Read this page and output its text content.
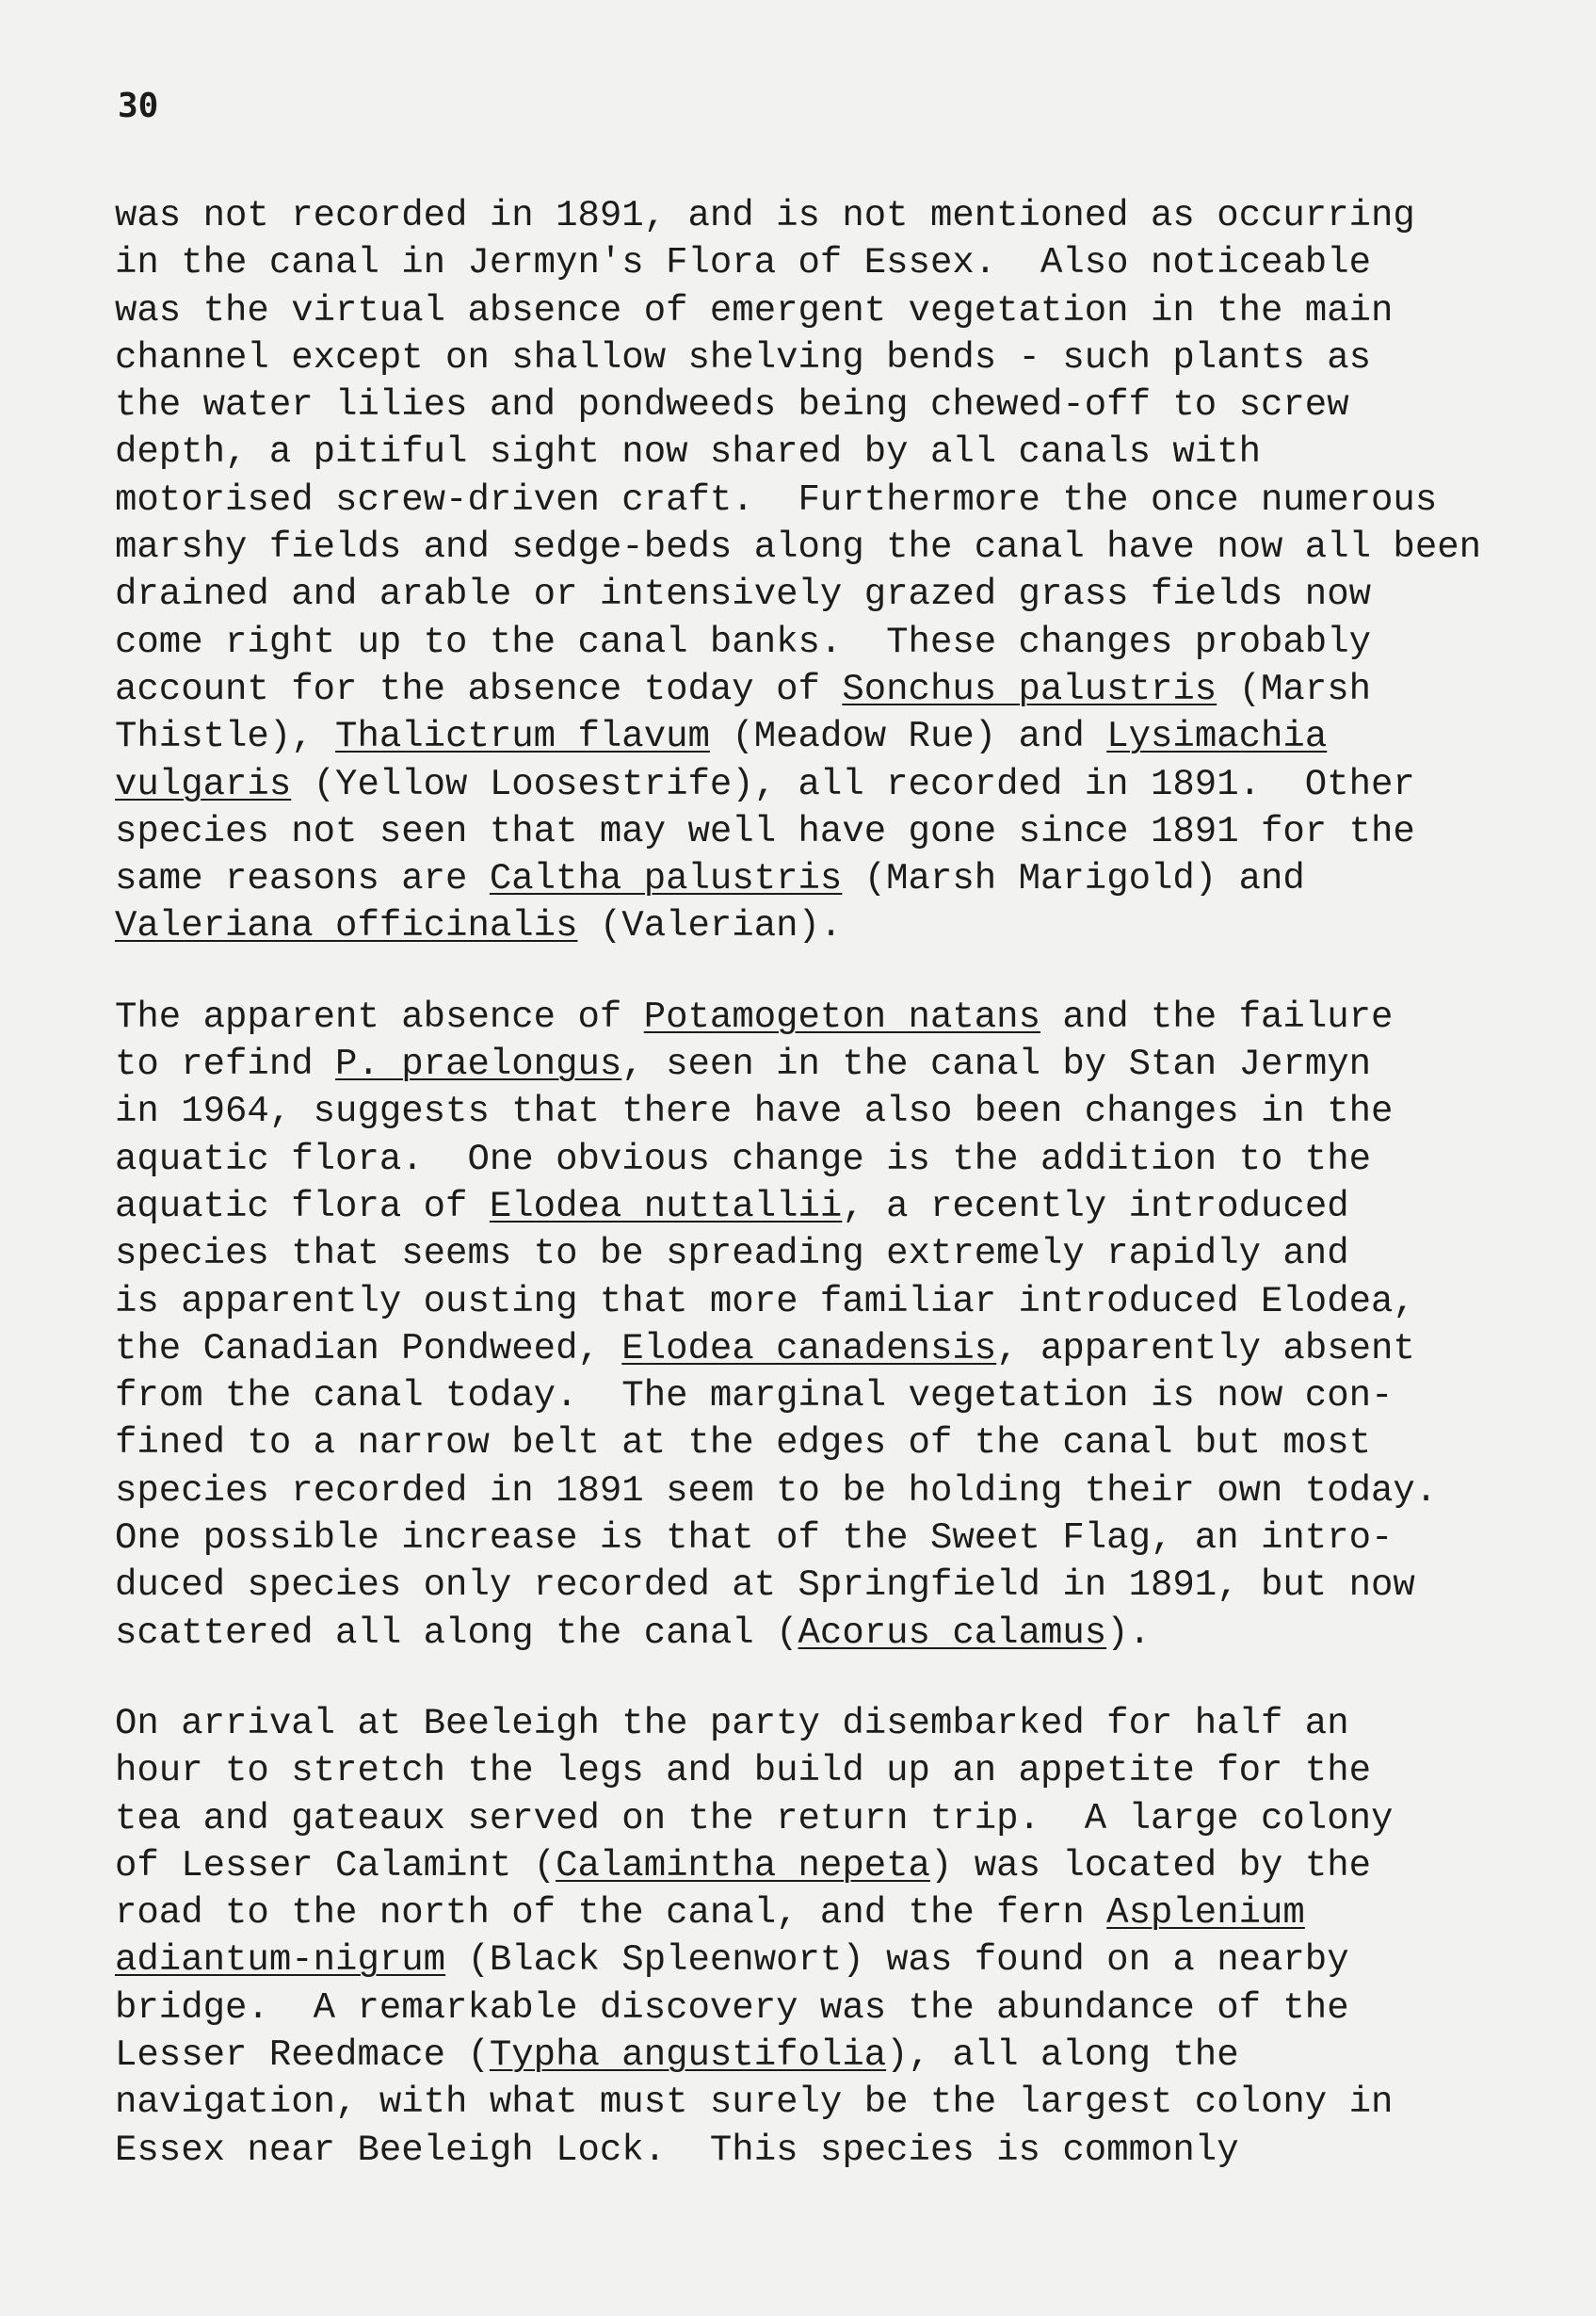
30
was not recorded in 1891, and is not mentioned as occurring
in the canal in Jermyn's Flora of Essex.  Also noticeable
was the virtual absence of emergent vegetation in the main
channel except on shallow shelving bends - such plants as
the water lilies and pondweeds being chewed-off to screw
depth, a pitiful sight now shared by all canals with
motorised screw-driven craft.  Furthermore the once numerous
marshy fields and sedge-beds along the canal have now all been
drained and arable or intensively grazed grass fields now
come right up to the canal banks.  These changes probably
account for the absence today of Sonchus palustris (Marsh
Thistle), Thalictrum flavum (Meadow Rue) and Lysimachia
vulgaris (Yellow Loosestrife), all recorded in 1891.  Other
species not seen that may well have gone since 1891 for the
same reasons are Caltha palustris (Marsh Marigold) and
Valeriana officinalis (Valerian).
The apparent absence of Potamogeton natans and the failure
to refind P. praelongus, seen in the canal by Stan Jermyn
in 1964, suggests that there have also been changes in the
aquatic flora.  One obvious change is the addition to the
aquatic flora of Elodea nuttallii, a recently introduced
species that seems to be spreading extremely rapidly and
is apparently ousting that more familiar introduced Elodea,
the Canadian Pondweed, Elodea canadensis, apparently absent
from the canal today.  The marginal vegetation is now con-
fined to a narrow belt at the edges of the canal but most
species recorded in 1891 seem to be holding their own today.
One possible increase is that of the Sweet Flag, an intro-
duced species only recorded at Springfield in 1891, but now
scattered all along the canal (Acorus calamus).
On arrival at Beeleigh the party disembarked for half an
hour to stretch the legs and build up an appetite for the
tea and gateaux served on the return trip.  A large colony
of Lesser Calamint (Calamintha nepeta) was located by the
road to the north of the canal, and the fern Asplenium
adiantum-nigrum (Black Spleenwort) was found on a nearby
bridge.  A remarkable discovery was the abundance of the
Lesser Reedmace (Typha angustifolia), all along the
navigation, with what must surely be the largest colony in
Essex near Beeleigh Lock.  This species is commonly
